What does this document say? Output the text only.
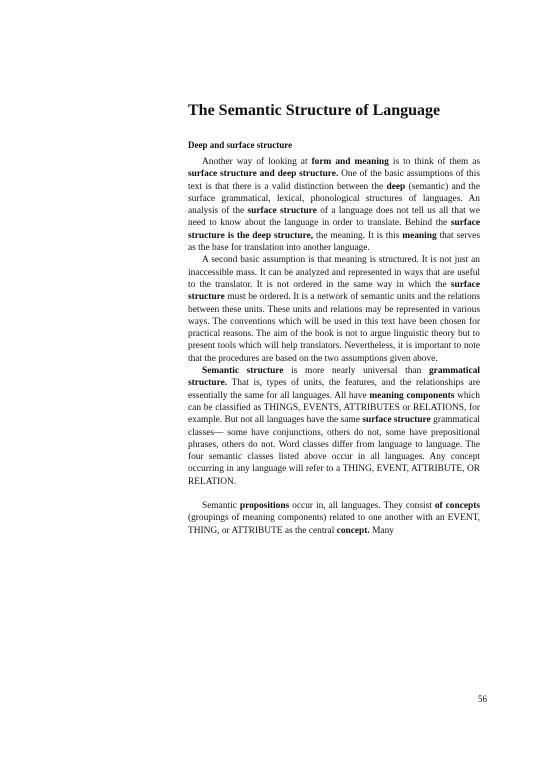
The Semantic Structure of Language
Deep and surface structure

Another way of looking at form and meaning is to think of them as surface structure and deep structure. One of the basic assumptions of this text is that there is a valid distinction between the deep (semantic) and the surface grammatical, lexical, phonological structures of languages. An analysis of the surface structure of a language does not tell us all that we need to know about the language in order to translate. Behind the surface structure is the deep structure, the meaning. It is this meaning that serves as the base for translation into another language.

A second basic assumption is that meaning is structured. It is not just an inaccessible mass. It can be analyzed and represented in ways that are useful to the translator. It is not ordered in the same way in which the surface structure must be ordered. It is a network of semantic units and the relations between these units. These units and relations may be represented in various ways. The conventions which will be used in this text have been chosen for practical reasons. The aim of the book is not to argue linguistic theory but to present tools which will help translators. Nevertheless, it is important to note that the procedures are based on the two assumptions given above.

Semantic structure is more nearly universal than grammatical structure. That is, types of units, the features, and the relationships are essentially the same for all languages. All have meaning components which can be classified as THINGS, EVENTS, ATTRIBUTES or RELATIONS, for example. But not all languages have the same surface structure grammatical classes— some have conjunctions, others do not, some have prepositional phrases, others do not. Word classes differ from language to language. The four semantic classes listed above occur in all languages. Any concept occurring in any language will refer to a THING, EVENT, ATTRIBUTE, OR RELATION.

Semantic propositions occur in, all languages. They consist of concepts (groupings of meaning components) related to one another with an EVENT, THING, or ATTRIBUTE as the central concept. Many

56
